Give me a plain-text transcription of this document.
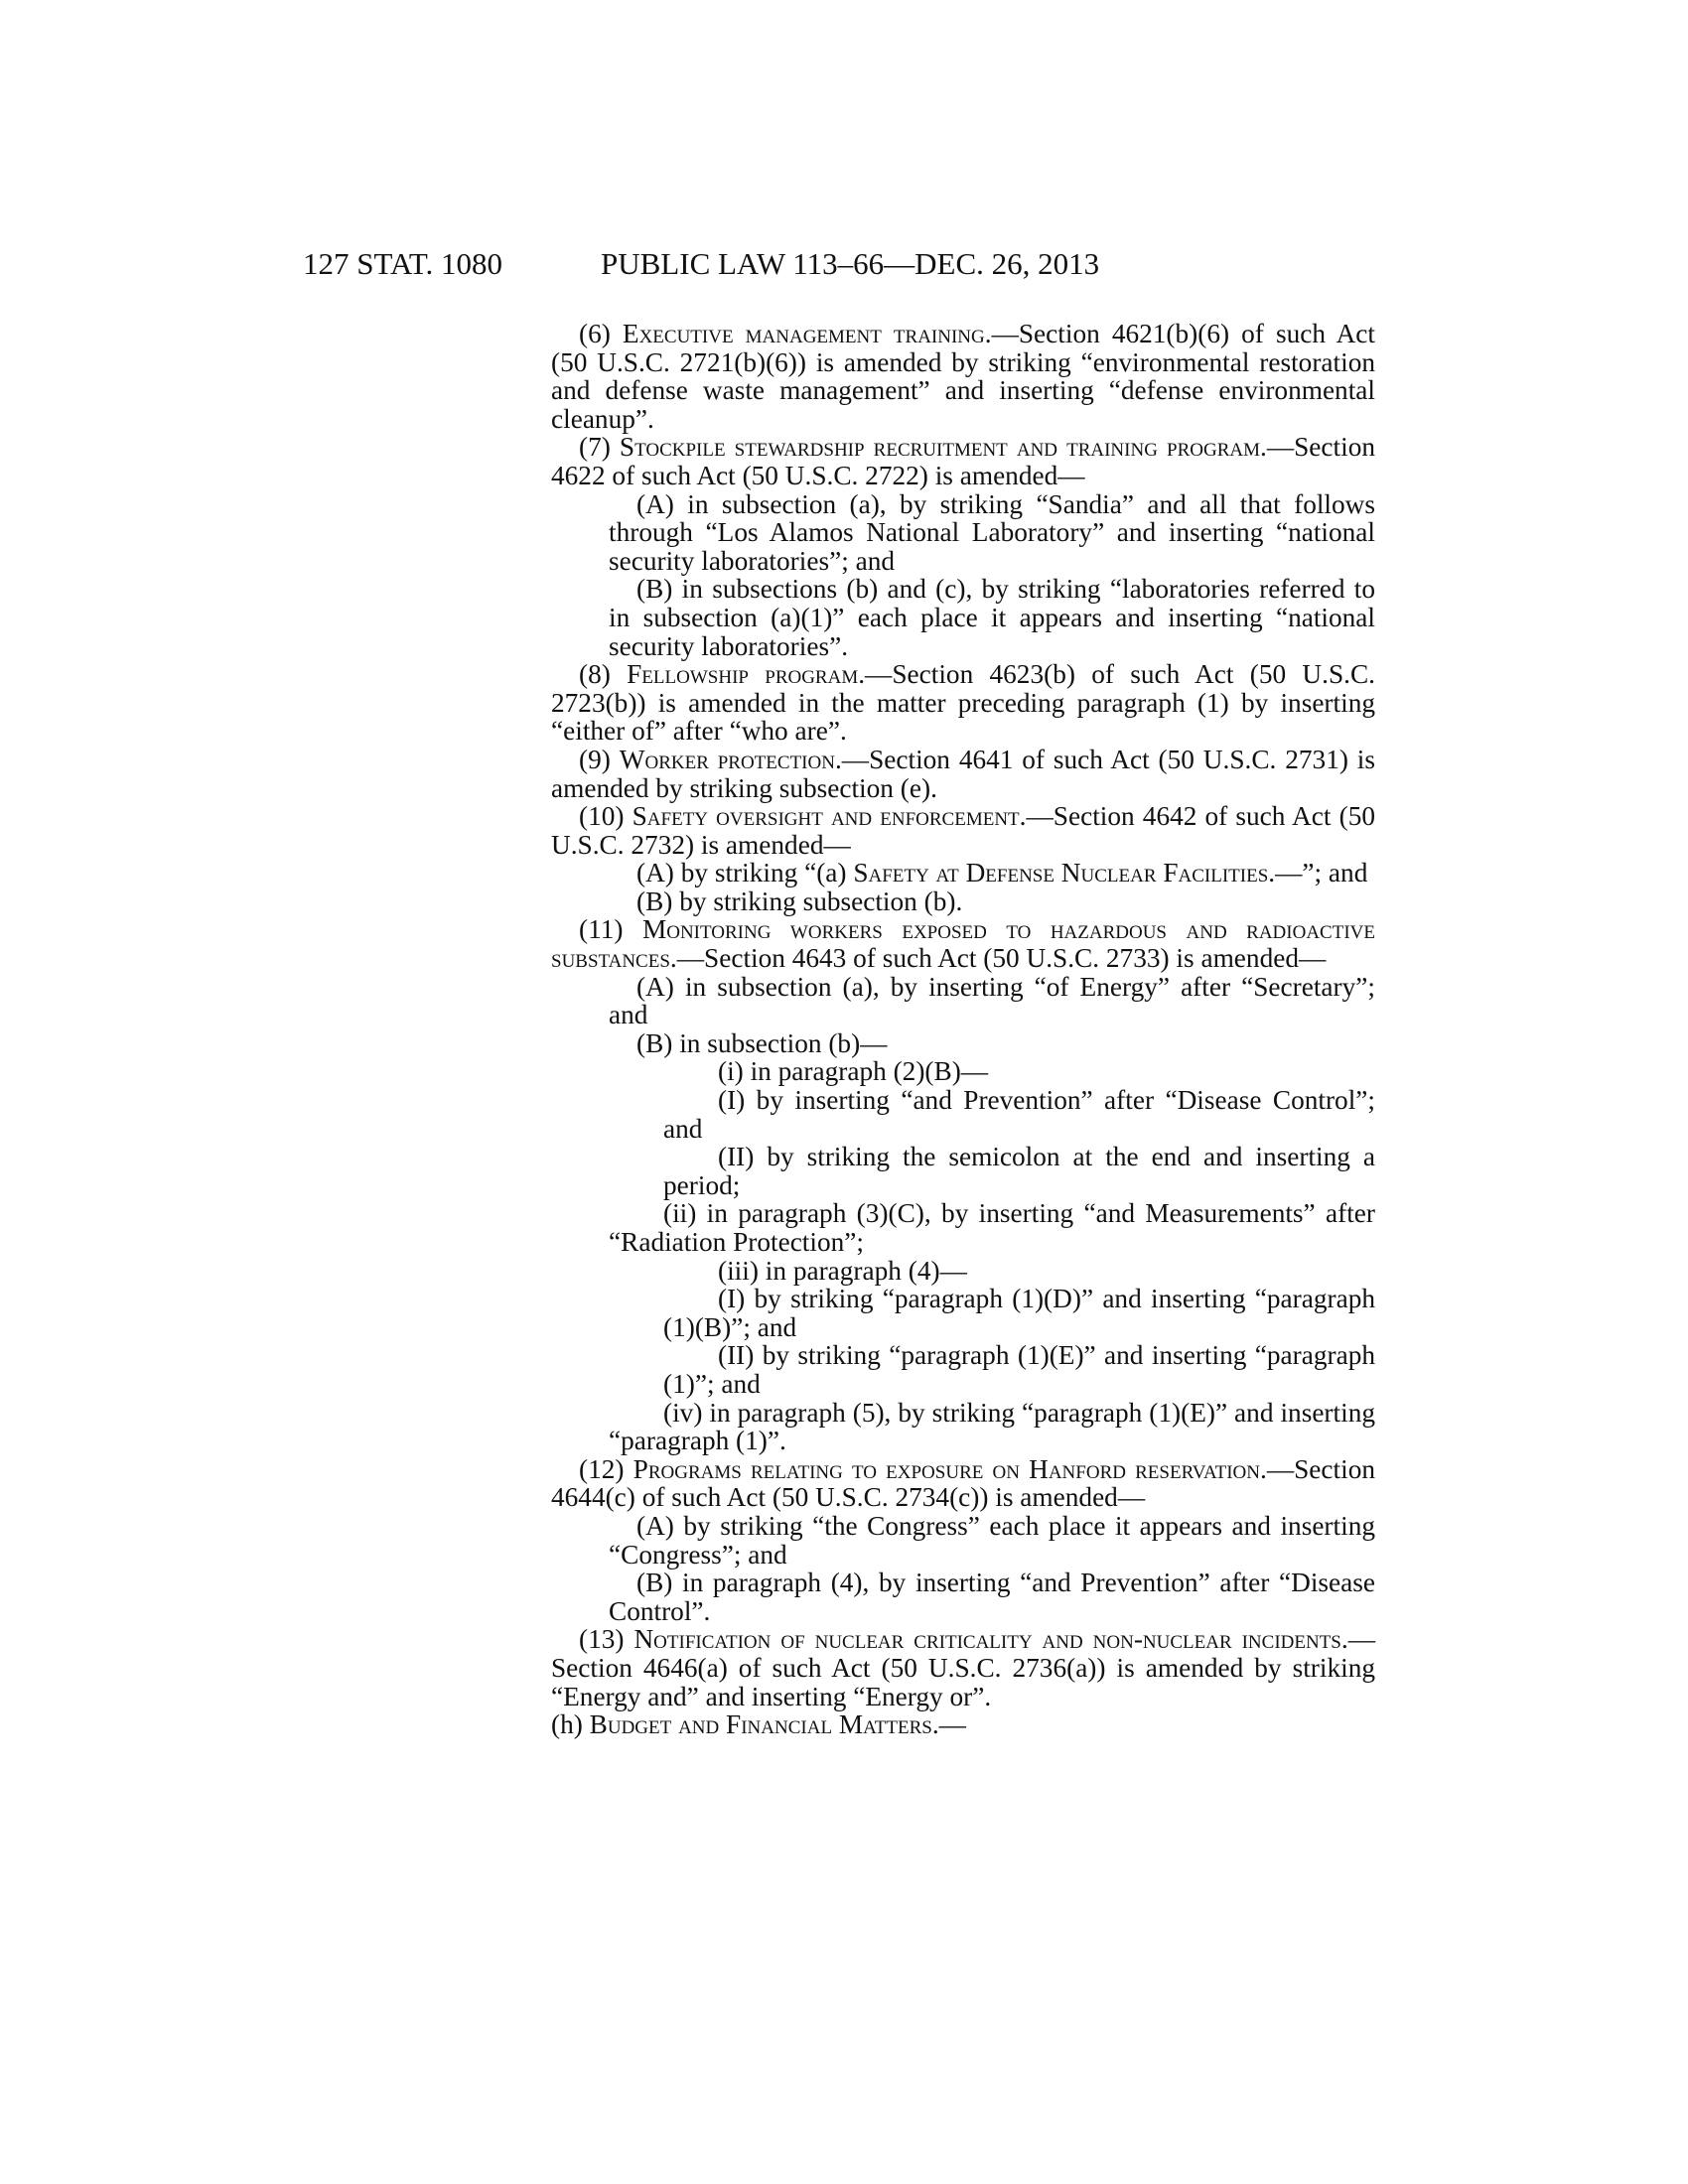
127 STAT. 1080	PUBLIC LAW 113–66—DEC. 26, 2013

(6) Executive management training.—Section 4621(b)(6) of such Act (50 U.S.C. 2721(b)(6)) is amended by striking “environmental restoration and defense waste management” and inserting “defense environmental cleanup”.

(7) Stockpile stewardship recruitment and training program.—Section 4622 of such Act (50 U.S.C. 2722) is amended—

(A) in subsection (a), by striking “Sandia” and all that follows through “Los Alamos National Laboratory” and inserting “national security laboratories”; and

(B) in subsections (b) and (c), by striking “laboratories referred to in subsection (a)(1)” each place it appears and inserting “national security laboratories”.

(8) Fellowship program.—Section 4623(b) of such Act (50 U.S.C. 2723(b)) is amended in the matter preceding paragraph (1) by inserting “either of” after “who are”.

(9) Worker protection.—Section 4641 of such Act (50 U.S.C. 2731) is amended by striking subsection (e).

(10) Safety oversight and enforcement.—Section 4642 of such Act (50 U.S.C. 2732) is amended—

(A) by striking “(a) Safety at Defense Nuclear Facilities.—”; and

(B) by striking subsection (b).

(11) Monitoring workers exposed to hazardous and radioactive substances.—Section 4643 of such Act (50 U.S.C. 2733) is amended—

(A) in subsection (a), by inserting “of Energy” after “Secretary”; and

(B) in subsection (b)—

(i) in paragraph (2)(B)—

(I) by inserting “and Prevention” after “Disease Control”; and

(II) by striking the semicolon at the end and inserting a period;

(ii) in paragraph (3)(C), by inserting “and Measurements” after “Radiation Protection”;

(iii) in paragraph (4)—

(I) by striking “paragraph (1)(D)” and inserting “paragraph (1)(B)”; and

(II) by striking “paragraph (1)(E)” and inserting “paragraph (1)”; and

(iv) in paragraph (5), by striking “paragraph (1)(E)” and inserting “paragraph (1)”.

(12) Programs relating to exposure on Hanford reservation.—Section 4644(c) of such Act (50 U.S.C. 2734(c)) is amended—

(A) by striking “the Congress” each place it appears and inserting “Congress”; and

(B) in paragraph (4), by inserting “and Prevention” after “Disease Control”.

(13) Notification of nuclear criticality and non-nuclear incidents.—Section 4646(a) of such Act (50 U.S.C. 2736(a)) is amended by striking “Energy and” and inserting “Energy or”.

(h) Budget and Financial Matters.—
